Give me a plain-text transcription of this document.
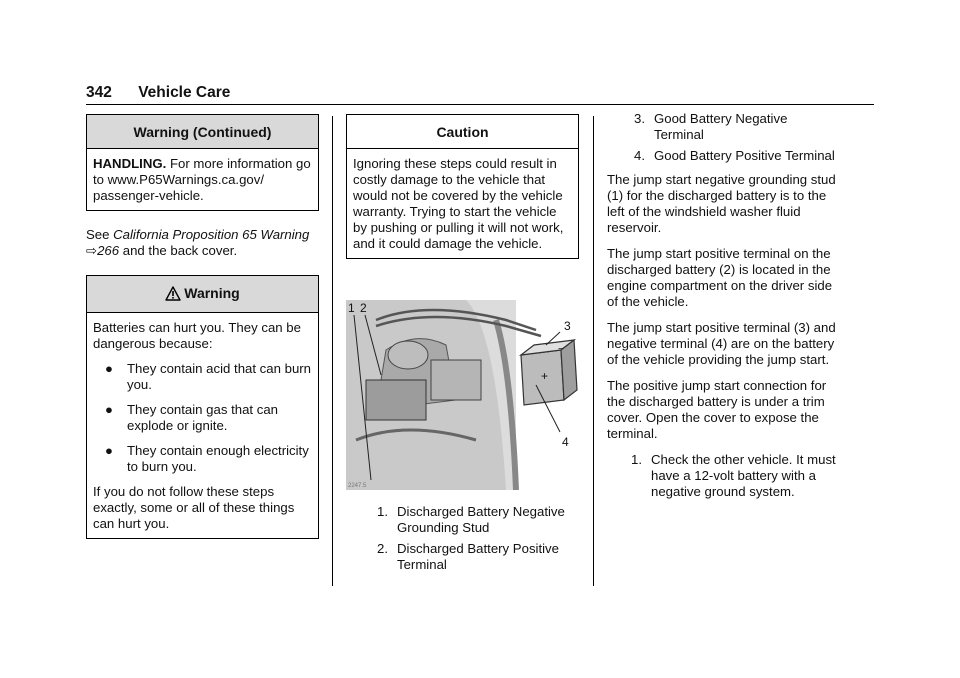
342 Vehicle Care
Warning (Continued)

HANDLING. For more information go to www.P65Warnings.ca.gov/ passenger-vehicle.

See California Proposition 65 Warning ⇨266 and the back cover.

Warning

Batteries can hurt you. They can be dangerous because:

●	They contain acid that can burn you.
●	They contain gas that can explode or ignite.
●	They contain enough electricity to burn you.

If you do not follow these steps exactly, some or all of these things can hurt you.

Caution

Ignoring these steps could result in costly damage to the vehicle that would not be covered by the vehicle warranty. Trying to start the vehicle by pushing or pulling it will not work, and it could damage the vehicle.

+
−
1 2
3
4
2247.5
1. Discharged Battery Negative Grounding Stud
2. Discharged Battery Positive Terminal
3. Good Battery Negative Terminal
4. Good Battery Positive Terminal

The jump start negative grounding stud (1) for the discharged battery is to the left of the windshield washer fluid reservoir.

The jump start positive terminal on the discharged battery (2) is located in the engine compartment on the driver side of the vehicle.

The jump start positive terminal (3) and negative terminal (4) are on the battery of the vehicle providing the jump start.

The positive jump start connection for the discharged battery is under a trim cover. Open the cover to expose the terminal.

1. Check the other vehicle. It must have a 12-volt battery with a negative ground system.
